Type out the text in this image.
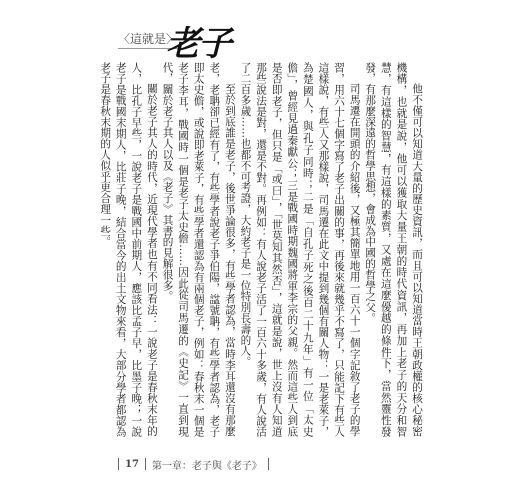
〈這就是〉
老子

他不僅可以知道大量的歷史資訊，而且可以知道當時王朝政權的核心秘密機構，也就是說，他可以獲取大量王朝的時代資訊，再加上老子的天分和智慧，有這樣的智慧，有這樣的素質，又處在這麼優越的條件下，當然靈性發發，有那麼深遠的哲學思想，會成為中國的哲學之父。

司馬遷在開頭的介紹後，又極其簡單地用一百六十一個字記敘了老子的學習，用六十七個字寫了老子出關的事，再後來就幾乎不寫了，只能記下有些人這樣說，有些人又那樣說，司馬遷在此文中提到幾個有關人物：一是老萊子，為楚國人，與孔子同時；二是「自孔子死之後百二十九年」有一位「太史儋」，曾經見過秦獻公；三是戰國時期魏國將軍李宗的父親。然而這些人到底是否即老子，但只是「或曰」，「世莫知其然否」，這就是說，世上沒有人知道那些說法是對，還是不對。再例如：有人說老子活了一百六十多歲，有人說活了二百多歲……也都不可考證，大約老子是一位特別長壽的人。

至於到底誰是老子，後世爭論很多，有些學者認為，當時李耳還沒有那麼老，老聃卻已經有了，有些學者說老子爭伯陽，諡號聃，有些學者認為，老子即太史儋，或說即老萊子，有些學者還認為有兩個老子，例如：春秋末一個是老子李耳，戰國時一個是老子太史儋……因此從司馬遷的《史記》一直到現代，關於老子其人以及《老子》其書的見解很多。

關於老子其人的時代，近現代學者也有不同看法：一說老子是春秋末年的人，比孔子早些，一說老子是戰國中前期人，應該比孟子早，比墨子晚；一說老子是戰國末期人，比莊子晚，結合當今的出土文物來看，大部分學者都認為老子是春秋末期的人似乎更合理一些。

17 第一章：老子與《老子》
